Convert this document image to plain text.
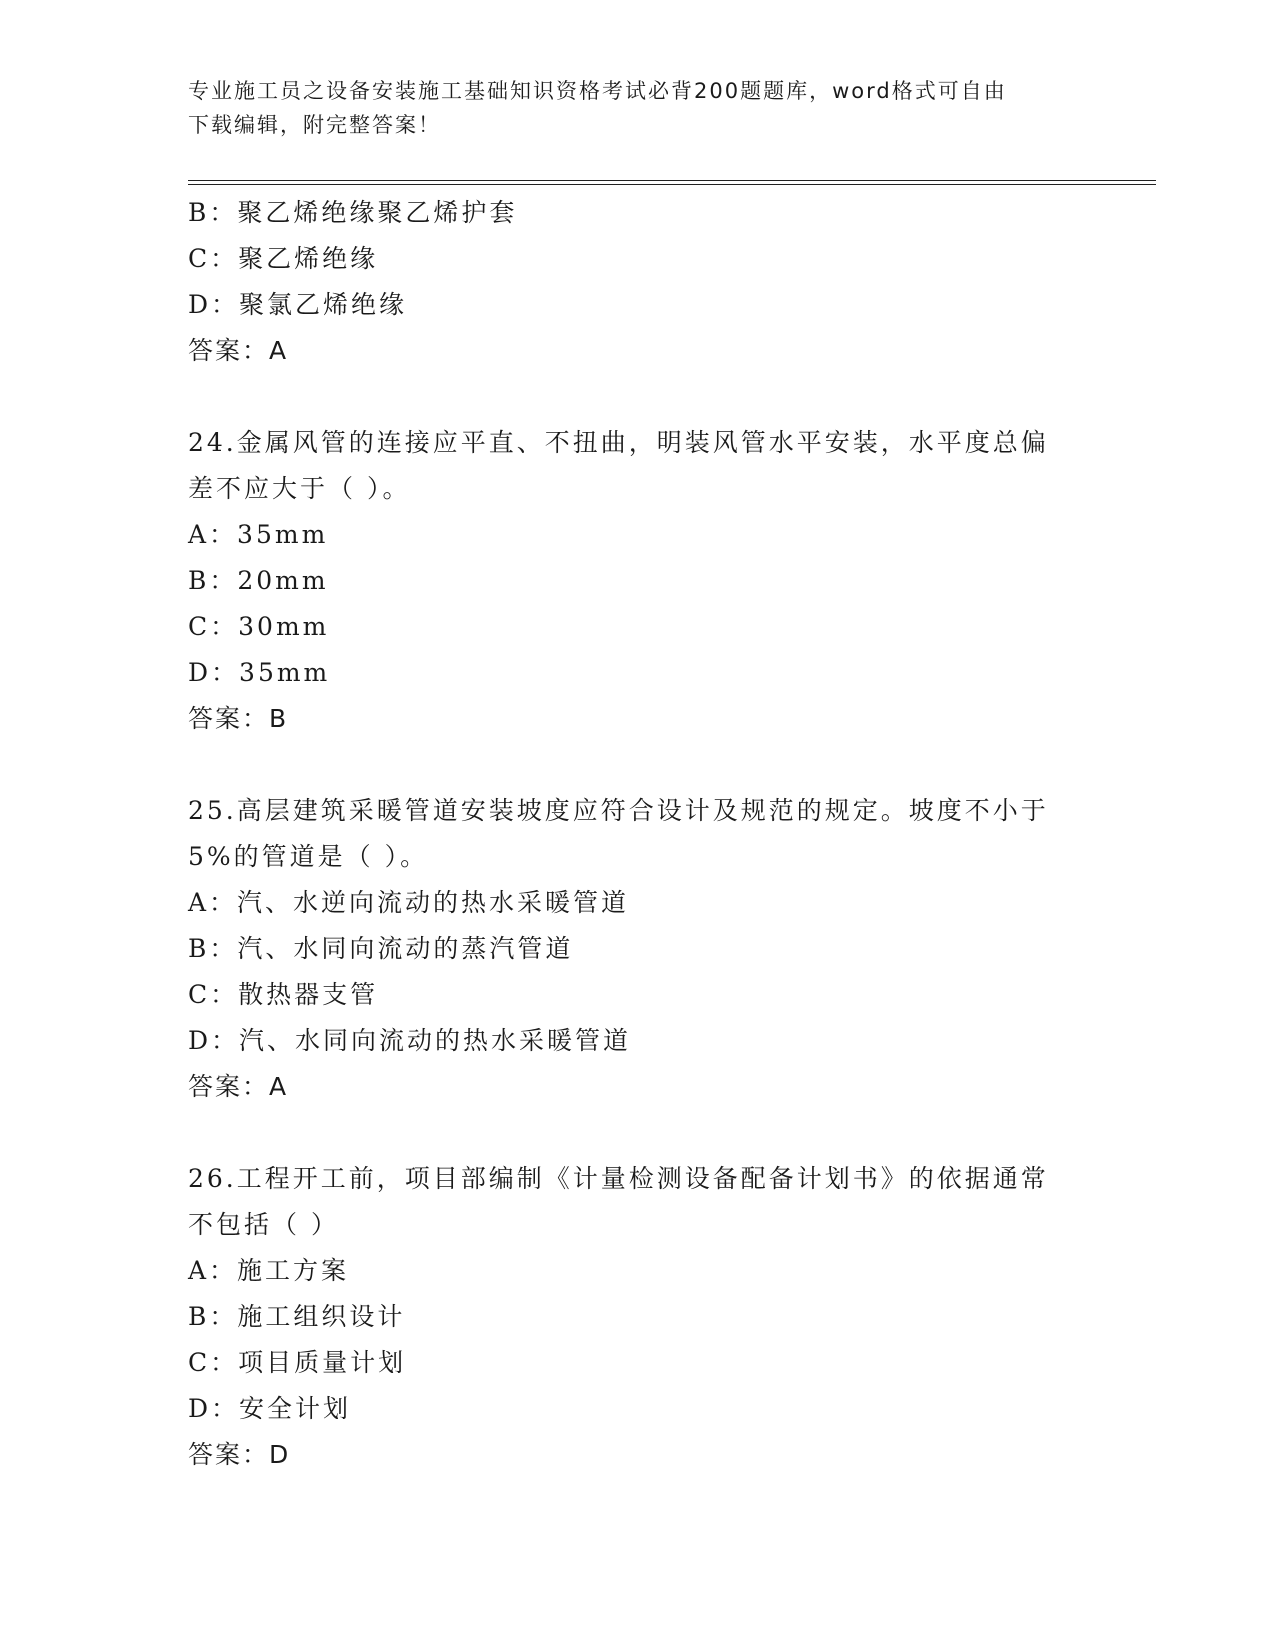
专业施工员之设备安装施工基础知识资格考试必背200题题库，word格式可自由
下载编辑，附完整答案！
B：聚乙烯绝缘聚乙烯护套
C：聚乙烯绝缘
D：聚氯乙烯绝缘
答案：A
24.金属风管的连接应平直、不扭曲，明装风管水平安装，水平度总偏
差不应大于（ ）。
A：35mm
B：20mm
C：30mm
D：35mm
答案：B
25.高层建筑采暖管道安装坡度应符合设计及规范的规定。坡度不小于
5%的管道是（ ）。
A：汽、水逆向流动的热水采暖管道
B：汽、水同向流动的蒸汽管道
C：散热器支管
D：汽、水同向流动的热水采暖管道
答案：A
26.工程开工前，项目部编制《计量检测设备配备计划书》的依据通常
不包括（ ）
A：施工方案
B：施工组织设计
C：项目质量计划
D：安全计划
答案：D
